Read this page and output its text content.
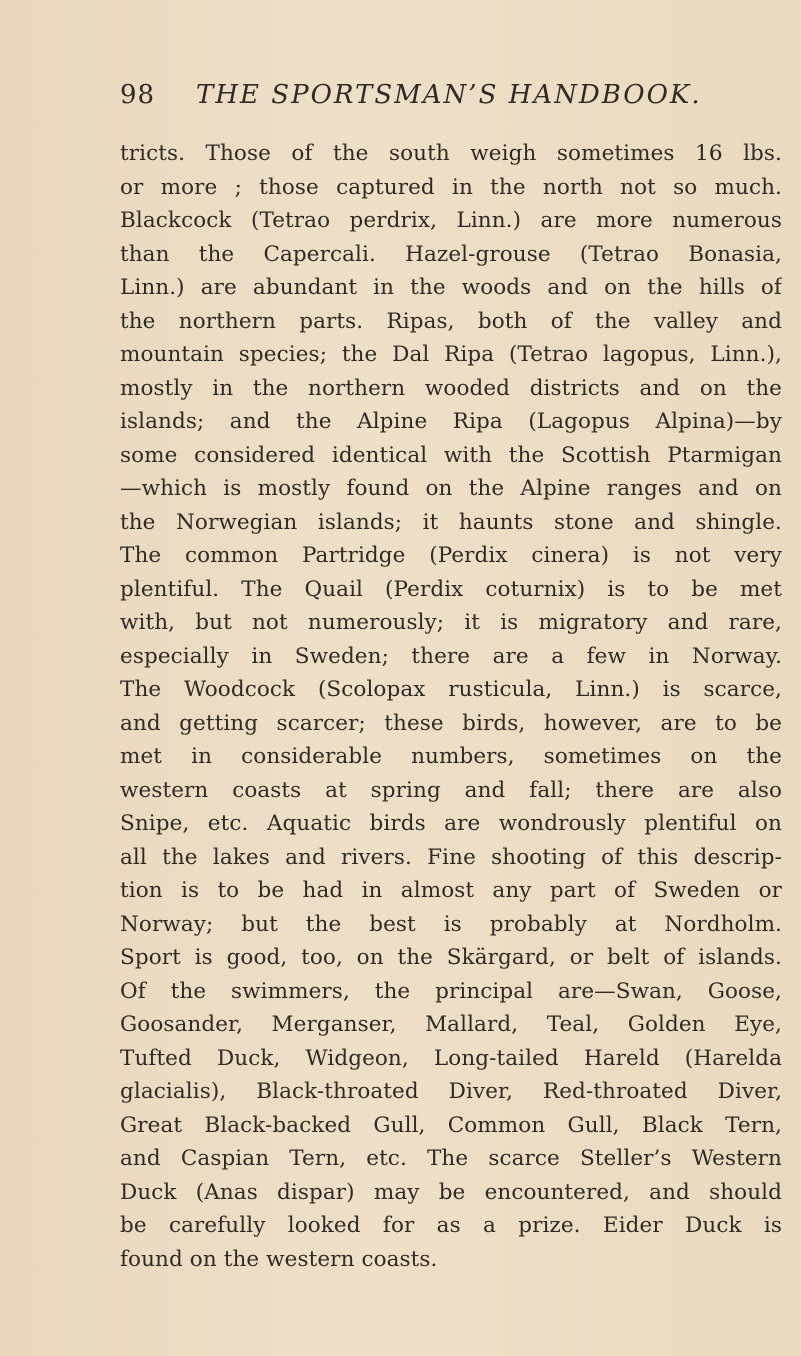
98 THE SPORTSMAN’S HANDBOOK.
tricts. Those of the south weigh sometimes 16 lbs.
or more ; those captured in the north not so much.
Blackcock (Tetrao perdrix, Linn.) are more numerous
than the Capercali. Hazel-grouse (Tetrao Bonasia,
Linn.) are abundant in the woods and on the hills of
the northern parts. Ripas, both of the valley and
mountain species; the Dal Ripa (Tetrao lagopus, Linn.),
mostly in the northern wooded districts and on the
islands; and the Alpine Ripa (Lagopus Alpina)—by
some considered identical with the Scottish Ptarmigan
—which is mostly found on the Alpine ranges and on
the Norwegian islands; it haunts stone and shingle.
The common Partridge (Perdix cinera) is not very
plentiful. The Quail (Perdix coturnix) is to be met
with, but not numerously; it is migratory and rare,
especially in Sweden; there are a few in Norway.
The Woodcock (Scolopax rusticula, Linn.) is scarce,
and getting scarcer; these birds, however, are to be
met in considerable numbers, sometimes on the
western coasts at spring and fall; there are also
Snipe, etc. Aquatic birds are wondrously plentiful on
all the lakes and rivers. Fine shooting of this descrip-
tion is to be had in almost any part of Sweden or
Norway; but the best is probably at Nordholm.
Sport is good, too, on the Skärgard, or belt of islands.
Of the swimmers, the principal are—Swan, Goose,
Goosander, Merganser, Mallard, Teal, Golden Eye,
Tufted Duck, Widgeon, Long-tailed Hareld (Harelda
glacialis), Black-throated Diver, Red-throated Diver,
Great Black-backed Gull, Common Gull, Black Tern,
and Caspian Tern, etc. The scarce Steller’s Western
Duck (Anas dispar) may be encountered, and should
be carefully looked for as a prize. Eider Duck is
found on the western coasts.
